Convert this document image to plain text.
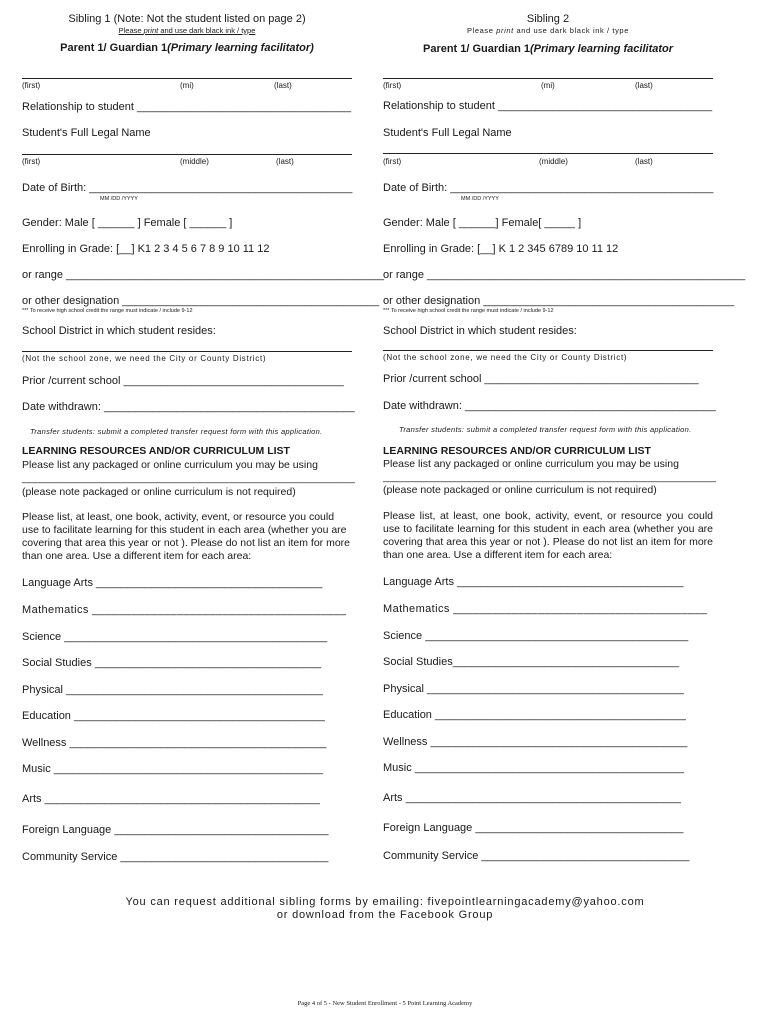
Sibling 1 (Note: Not the student listed on page 2)
Please print and use dark black ink / type
Parent 1/ Guardian 1(Primary learning facilitator)
(first)	(mi)	(last)
Relationship to student ___________________________________
Student's Full Legal Name
(first)	(middle)	(last)
Date of Birth: ___________________________________________
MM /DD /YYYY
Gender: Male [ ______ ] Female [ ______ ]
Enrolling in Grade: [__] K1 2 3 4 5 6 7 8 9 10 11 12
or range ____________________________________________________
or other designation __________________________________________
*** To receive high school credit the range must indicate / include 9-12
School District in which student resides:
(Not the school zone, we need the City or County District)
Prior /current school ____________________________________
Date withdrawn: _________________________________________
Transfer students: submit a completed transfer request form with this application.
LEARNING RESOURCES AND/OR CURRICULUM LIST
Please list any packaged or online curriculum you may be using
_________________________________________________________
(please note packaged or online curriculum is not required)
Please list, at least, one book, activity, event, or resource you could use to facilitate learning for this student in each area (whether you are covering that area this year or not ). Please do not list an item for more than one area. Use a different item for each area:
Language Arts _____________________________________
Mathematics _______________________________________
Science ___________________________________________
Social Studies _____________________________________
Physical __________________________________________
Education _________________________________________
Wellness __________________________________________
Music ____________________________________________
Arts _____________________________________________
Foreign Language ___________________________________
Community Service __________________________________
Sibling 2
Please print and use dark black ink / type
Parent 1/ Guardian 1(Primary learning facilitator
(first)	(mi)	(last)
Relationship to student ___________________________________
Student's Full Legal Name
(first)	(middle)	(last)
Date of Birth: ___________________________________________
MM /DD /YYYY
Gender: Male [ ______] Female[ _____ ]
Enrolling in Grade: [__] K 1 2 345 6789 10 11 12
or range ____________________________________________________
or other designation _________________________________________
*** To receive high school credit the range must indicate / include 9-12
School District in which student resides:
(Not the school zone, we need the City or County District)
Prior /current school ___________________________________
Date withdrawn: _________________________________________
Transfer students: submit a completed transfer request form with this application.
LEARNING RESOURCES AND/OR CURRICULUM LIST
Please list any packaged or online curriculum you may be using
_________________________________________________________
(please note packaged or online curriculum is not required)
Please list, at least, one book, activity, event, or resource you could use to facilitate learning for this student in each area (whether you are covering that area this year or not ). Please do not list an item for more than one area. Use a different item for each area:
Language Arts _____________________________________
Mathematics _______________________________________
Science ___________________________________________
Social Studies_____________________________________
Physical __________________________________________
Education _________________________________________
Wellness __________________________________________
Music ____________________________________________
Arts _____________________________________________
Foreign Language __________________________________
Community Service __________________________________
You can request additional sibling forms by emailing: fivepointlearningacademy@yahoo.com
or download from the Facebook Group
Page 4 of 5 - New Student Enrollment - 5 Point Learning Academy
